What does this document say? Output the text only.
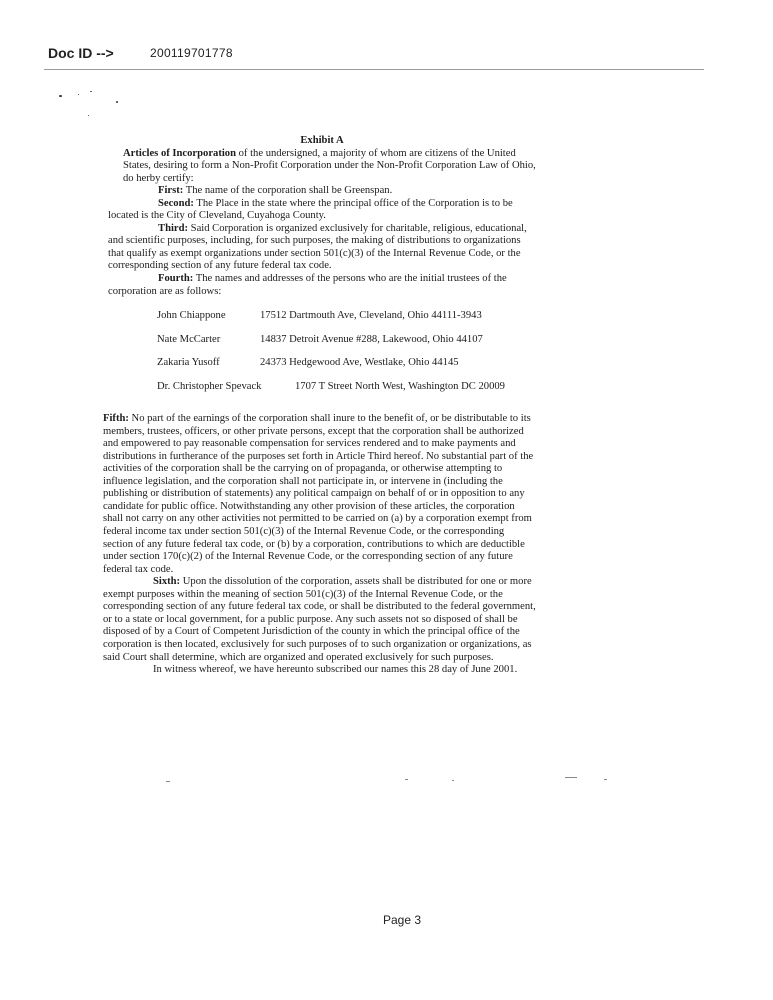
Doc ID -->	200119701778

Exhibit A

Articles of Incorporation of the undersigned, a majority of whom are citizens of the United States, desiring to form a Non-Profit Corporation under the Non-Profit Corporation Law of Ohio, do herby certify:

First: The name of the corporation shall be Greenspan.

Second: The Place in the state where the principal office of the Corporation is to be located is the City of Cleveland, Cuyahoga County.

Third: Said Corporation is organized exclusively for charitable, religious, educational, and scientific purposes, including, for such purposes, the making of distributions to organizations that qualify as exempt organizations under section 501(c)(3) of the Internal Revenue Code, or the corresponding section of any future federal tax code.

Fourth: The names and addresses of the persons who are the initial trustees of the corporation are as follows:

John Chiappone	17512 Dartmouth Ave, Cleveland, Ohio 44111-3943
Nate McCarter	14837 Detroit Avenue #288, Lakewood, Ohio 44107
Zakaria Yusoff	24373 Hedgewood Ave, Westlake, Ohio 44145
Dr. Christopher Spevack	1707 T Street North West, Washington DC 20009

Fifth: No part of the earnings of the corporation shall inure to the benefit of, or be distributable to its members, trustees, officers, or other private persons, except that the corporation shall be authorized and empowered to pay reasonable compensation for services rendered and to make payments and distributions in furtherance of the purposes set forth in Article Third hereof. No substantial part of the activities of the corporation shall be the carrying on of propaganda, or otherwise attempting to influence legislation, and the corporation shall not participate in, or intervene in (including the publishing or distribution of statements) any political campaign on behalf of or in opposition to any candidate for public office. Notwithstanding any other provision of these articles, the corporation shall not carry on any other activities not permitted to be carried on (a) by a corporation exempt from federal income tax under section 501(c)(3) of the Internal Revenue Code, or the corresponding section of any future federal tax code, or (b) by a corporation, contributions to which are deductible under section 170(c)(2) of the Internal Revenue Code, or the corresponding section of any future federal tax code.

Sixth: Upon the dissolution of the corporation, assets shall be distributed for one or more exempt purposes within the meaning of section 501(c)(3) of the Internal Revenue Code, or the corresponding section of any future federal tax code, or shall be distributed to the federal government, or to a state or local government, for a public purpose. Any such assets not so disposed of shall be disposed of by a Court of Competent Jurisdiction of the county in which the principal office of the corporation is then located, exclusively for such purposes of to such organization or organizations, as said Court shall determine, which are organized and operated exclusively for such purposes.

In witness whereof, we have hereunto subscribed our names this 28 day of June 2001.

Page 3
